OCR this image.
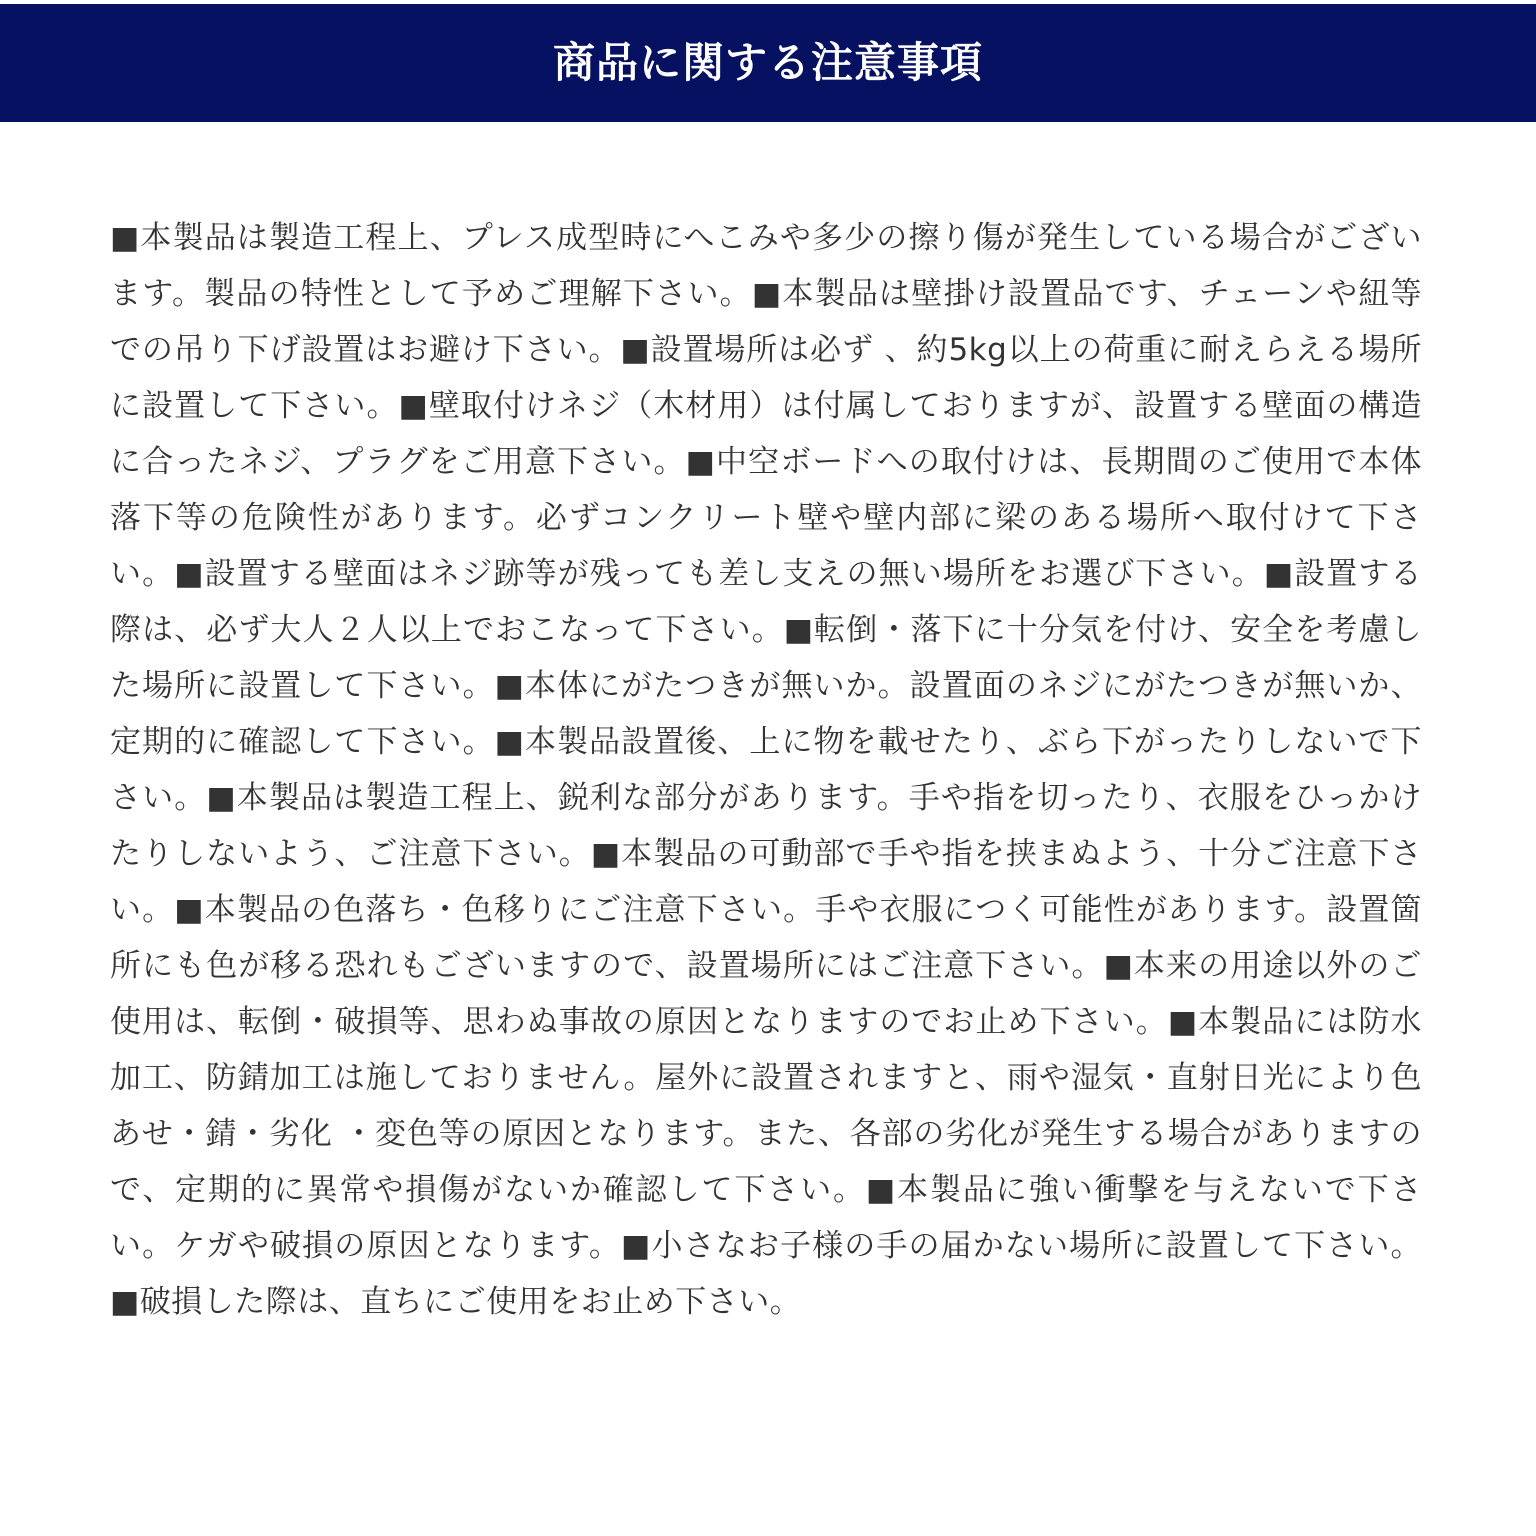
商品に関する注意事項
■本製品は製造工程上、プレス成型時にへこみや多少の擦り傷が発生している場合がございます。製品の特性として予めご理解下さい。■本製品は壁掛け設置品です、チェーンや紐等での吊り下げ設置はお避け下さい。■設置場所は必ず 、約5kg以上の荷重に耐えらえる場所に設置して下さい。■壁取付けネジ（木材用）は付属しておりますが、設置する壁面の構造に合ったネジ、プラグをご用意下さい。■中空ボードへの取付けは、長期間のご使用で本体落下等の危険性があります。必ずコンクリート壁や壁内部に梁のある場所へ取付けて下さい。■設置する壁面はネジ跡等が残っても差し支えの無い場所をお選び下さい。■設置する際は、必ず大人２人以上でおこなって下さい。■転倒・落下に十分気を付け、安全を考慮した場所に設置して下さい。■本体にがたつきが無いか。設置面のネジにがたつきが無いか、定期的に確認して下さい。■本製品設置後、上に物を載せたり、ぶら下がったりしないで下さい。■本製品は製造工程上、鋭利な部分があります。手や指を切ったり、衣服をひっかけたりしないよう、ご注意下さい。■本製品の可動部で手や指を挟まぬよう、十分ご注意下さい。■本製品の色落ち・色移りにご注意下さい。手や衣服につく可能性があります。設置箇所にも色が移る恐れもございますので、設置場所にはご注意下さい。■本来の用途以外のご使用は、転倒・破損等、思わぬ事故の原因となりますのでお止め下さい。■本製品には防水加工、防錆加工は施しておりません。屋外に設置されますと、雨や湿気・直射日光により色あせ・錆・劣化 ・変色等の原因となります。また、各部の劣化が発生する場合がありますので、定期的に異常や損傷がないか確認して下さい。■本製品に強い衝撃を与えないで下さい。ケガや破損の原因となります。■小さなお子様の手の届かない場所に設置して下さい。■破損した際は、直ちにご使用をお止め下さい。
